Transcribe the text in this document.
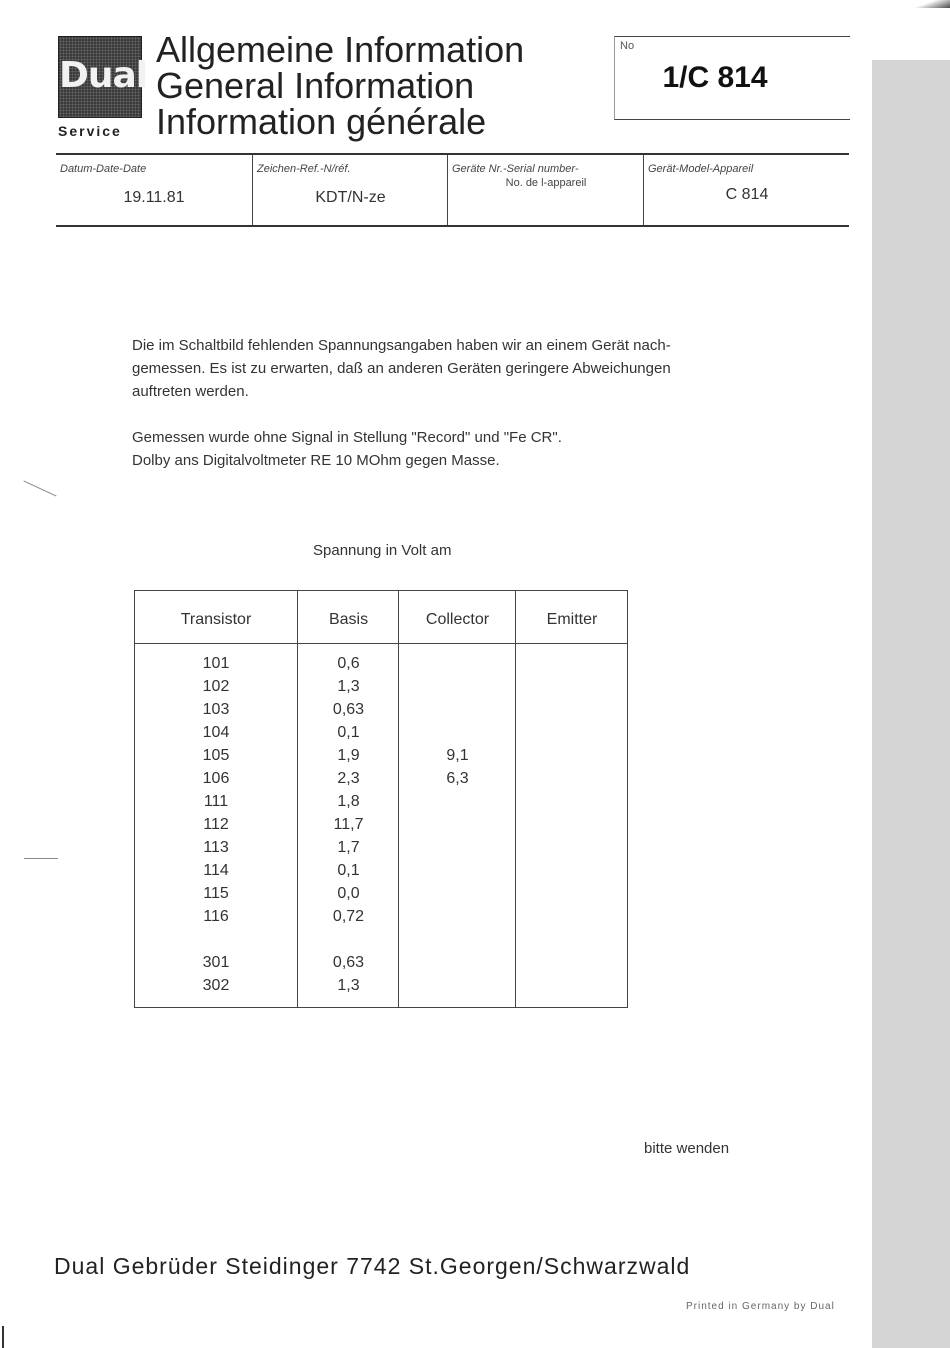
Dual
Service
Allgemeine Information
General Information
Information générale
No
1/C 814
Datum-Date-Date
19.11.81
Zeichen-Ref.-N/réf.
KDT/N-ze
Geräte Nr.-Serial number-
No. de l-appareil
Gerät-Model-Appareil
C 814
Die im Schaltbild fehlenden Spannungsangaben haben wir an einem Gerät nach-
gemessen. Es ist zu erwarten, daß an anderen Geräten geringere Abweichungen
auftreten werden.
Gemessen wurde ohne Signal in Stellung "Record" und "Fe CR".
Dolby ans Digitalvoltmeter RE 10 MOhm gegen Masse.
Spannung in Volt am
Transistor
101
102
103
104
105
106
111
112
113
114
115
116
301
302
Basis
0,6
1,3
0,63
0,1
1,9
2,3
1,8
11,7
1,7
0,1
0,0
0,72
0,63
1,3
Collector
9,1
6,3
Emitter
bitte wenden
Dual Gebrüder Steidinger 7742 St.Georgen/Schwarzwald
Printed in Germany by Dual
